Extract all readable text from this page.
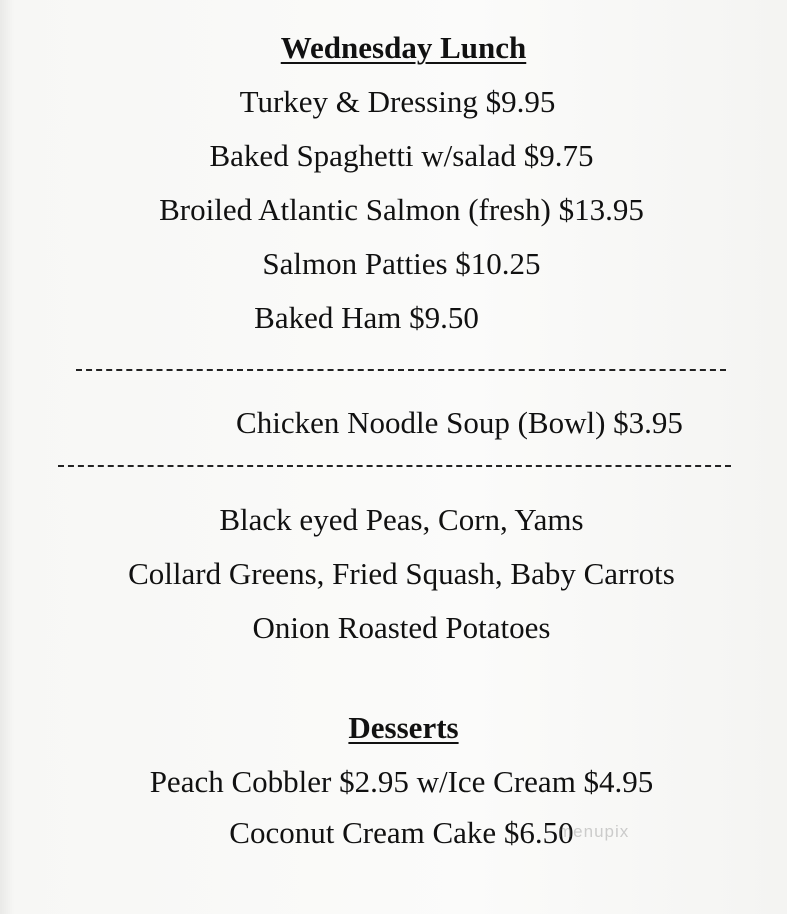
Wednesday Lunch
Turkey & Dressing $9.95
Baked Spaghetti w/salad $9.75
Broiled Atlantic Salmon (fresh) $13.95
Salmon Patties $10.25
Baked Ham $9.50
Chicken Noodle Soup (Bowl) $3.95
Black eyed Peas, Corn, Yams
Collard Greens, Fried Squash, Baby Carrots
Onion Roasted Potatoes
Desserts
Peach Cobbler $2.95 w/Ice Cream $4.95
Coconut Cream Cake $6.50
menupix
